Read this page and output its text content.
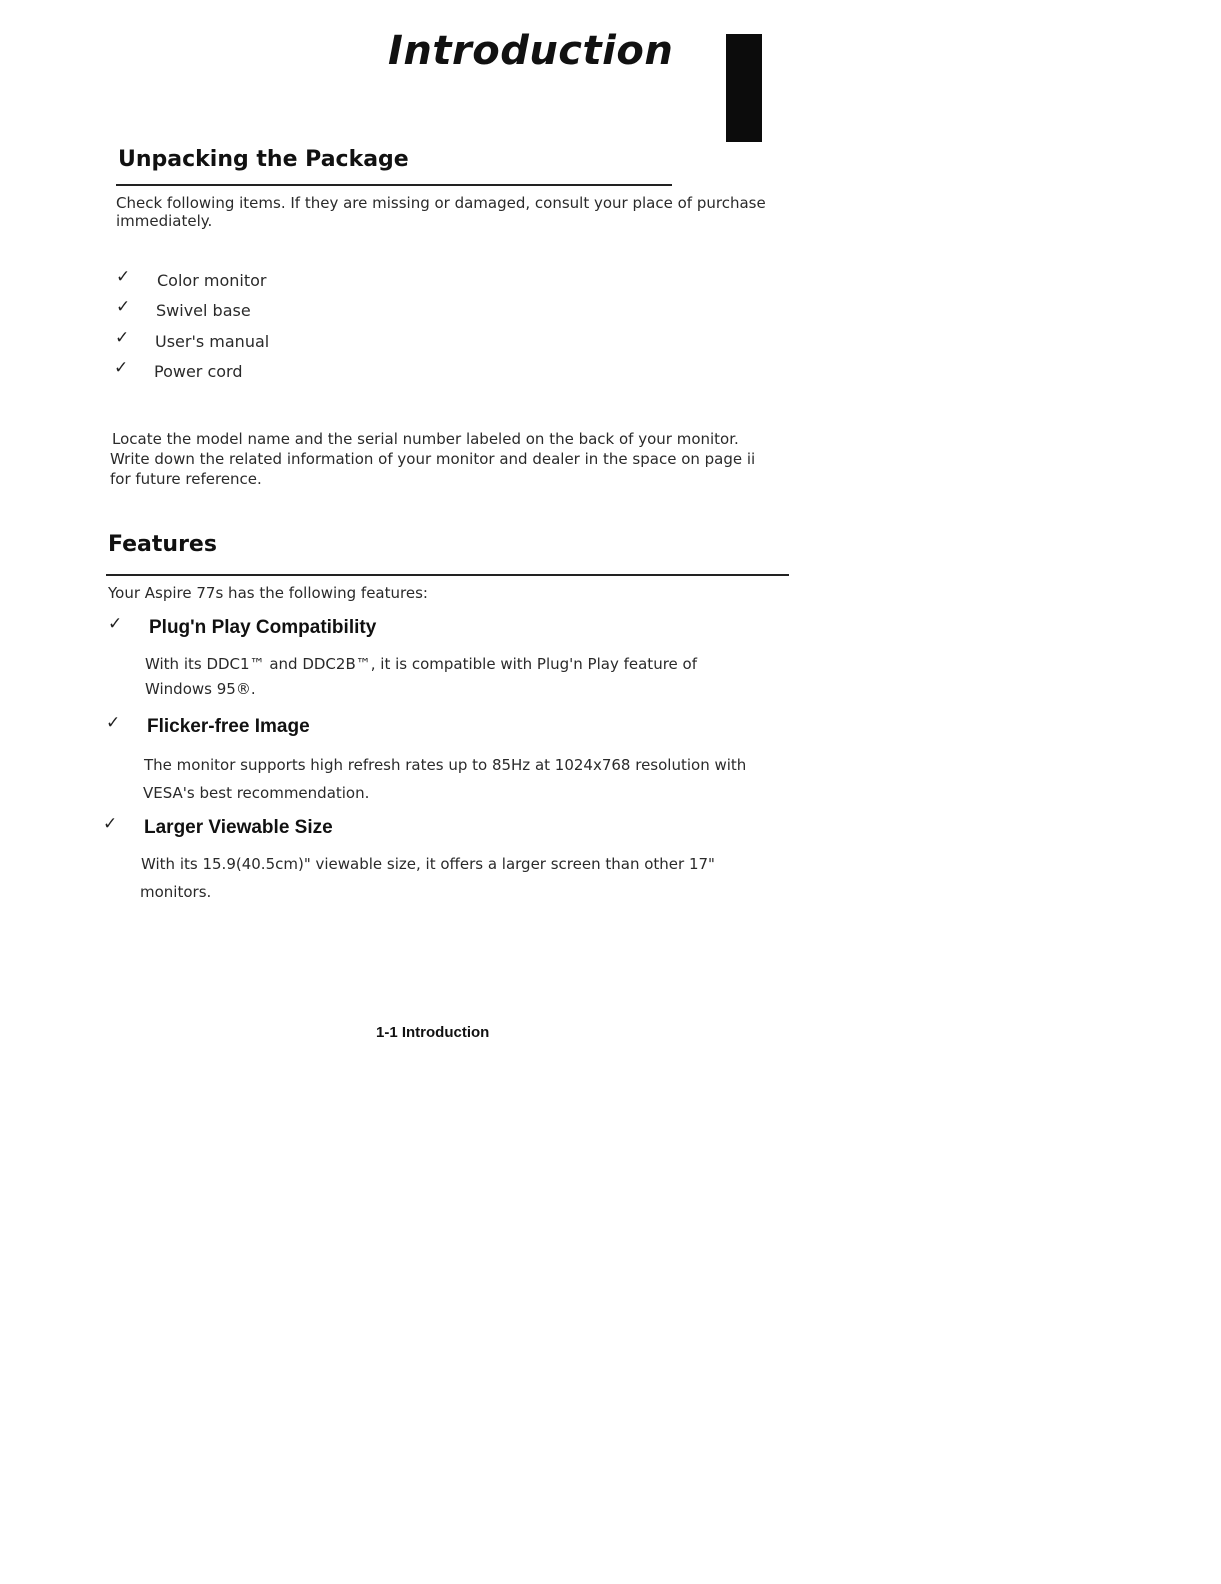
Introduction
Unpacking the Package

Check following items. If they are missing or damaged, consult your place of purchase

immediately.

✓ Color monitor
✓ Swivel base
✓ User's manual
✓ Power cord

Locate the model name and the serial number labeled on the back of your monitor.

Write down the related information of your monitor and dealer in the space on page ii

for future reference.

Features

Your Aspire 77s has the following features:

✓ Plug'n Play Compatibility

With its DDC1™ and DDC2B™, it is compatible with Plug'n Play feature of

Windows 95®.

✓ Flicker-free Image

The monitor supports high refresh rates up to 85Hz at 1024x768 resolution with

VESA's best recommendation.

✓ Larger Viewable Size

With its 15.9(40.5cm)" viewable size, it offers a larger screen than other 17"

monitors.

1-1 Introduction
